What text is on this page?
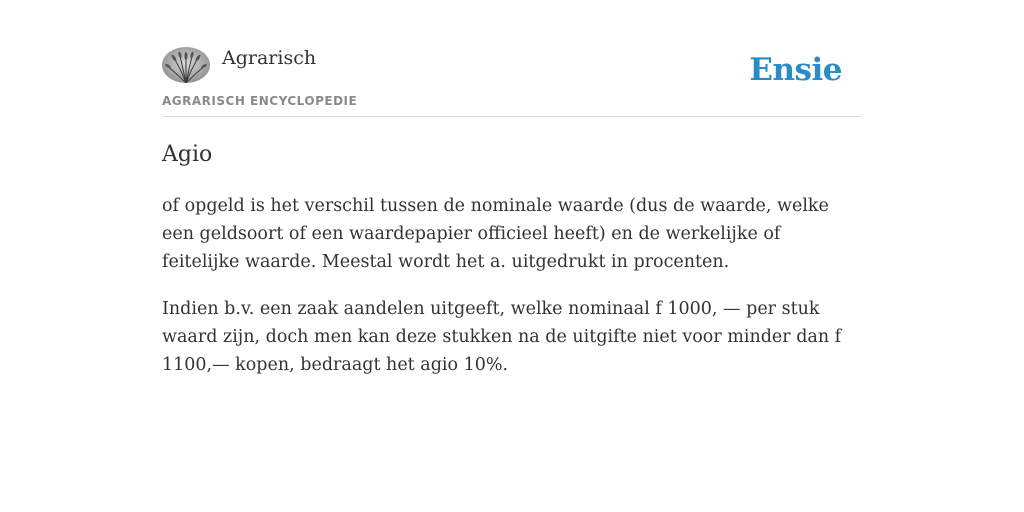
Agrarisch
AGRARISCH ENCYCLOPEDIE
Ensie
Agio

of opgeld is het verschil tussen de nominale waarde (dus de waarde, welke een geldsoort of een waardepapier officieel heeft) en de werkelijke of feitelijke waarde. Meestal wordt het a. uitgedrukt in procenten.

Indien b.v. een zaak aandelen uitgeeft, welke nominaal f 1000, — per stuk waard zijn, doch men kan deze stukken na de uitgifte niet voor minder dan f 1100,— kopen, bedraagt het agio 10%.
